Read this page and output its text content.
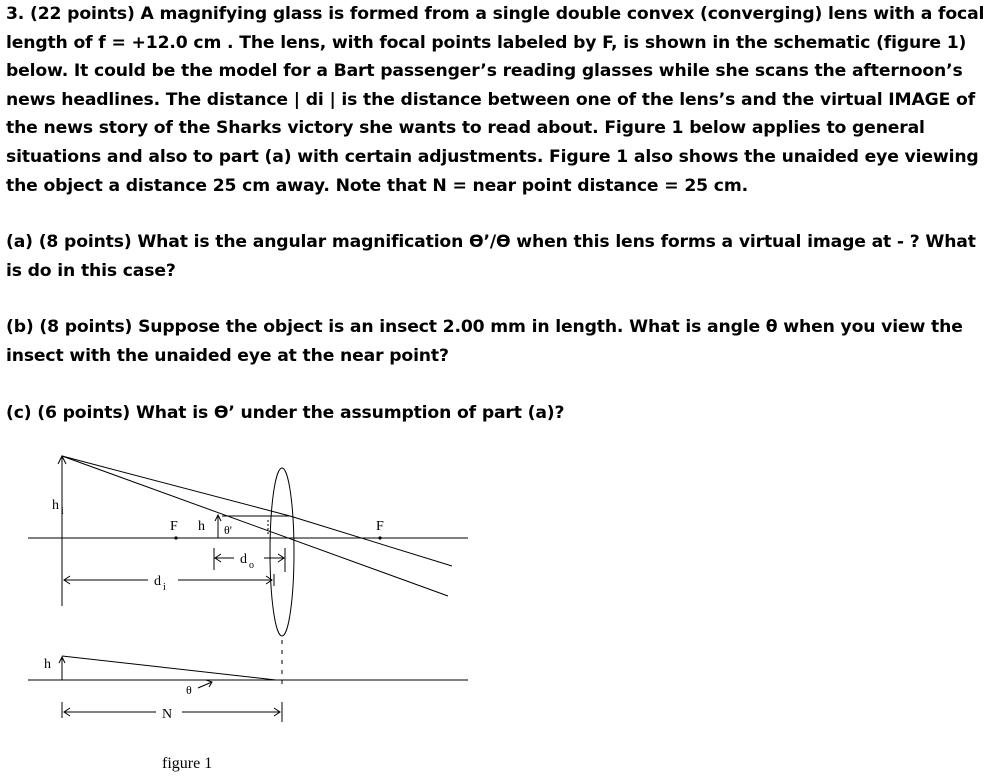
3. (22 points) A magnifying glass is formed from a single double convex (converging) lens with a focal length of f = +12.0 cm . The lens, with focal points labeled by F, is shown in the schematic (figure 1) below. It could be the model for a Bart passenger’s reading glasses while she scans the afternoon’s news headlines. The distance | di | is the distance between one of the lens’s and the virtual IMAGE of the news story of the Sharks victory she wants to read about. Figure 1 below applies to general situations and also to part (a) with certain adjustments. Figure 1 also shows the unaided eye viewing the object a distance 25 cm away. Note that N = near point distance = 25 cm.

(a) (8 points) What is the angular magnification ϴ’/ϴ when this lens forms a virtual image at - ? What is do in this case?

(b) (8 points) Suppose the object is an insect 2.00 mm in length. What is angle θ when you view the insect with the unaided eye at the near point?

(c) (6 points) What is ϴ’ under the assumption of part (a)?

h i
F h θ'	F
d o
d i
h
θ
N
figure 1
